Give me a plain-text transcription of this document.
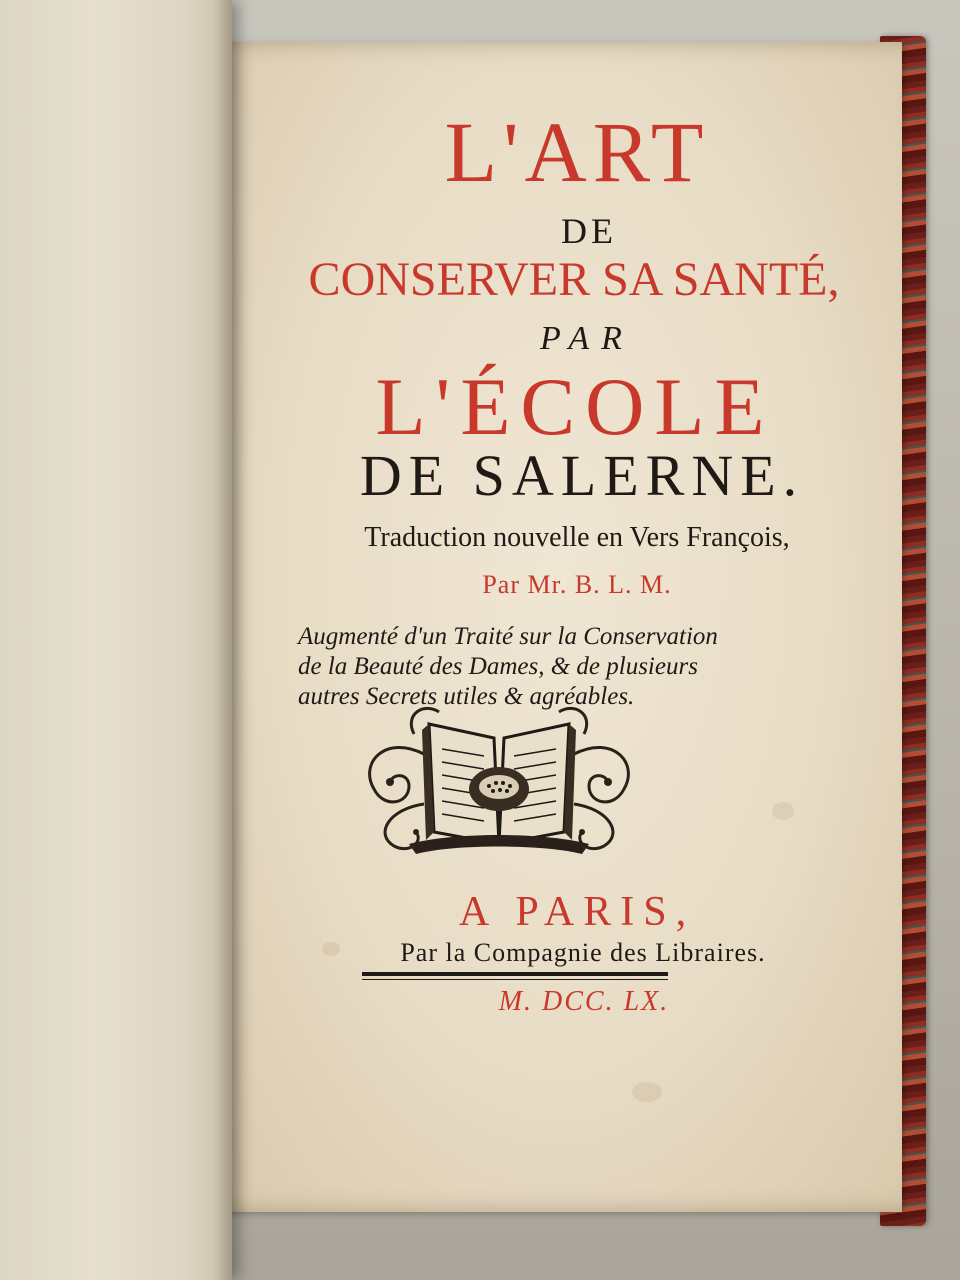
L'ART
DE
CONSERVER SA SANTÉ,
PAR
L'ÉCOLE
DE SALERNE.
Traduction nouvelle en Vers François,
Par Mr. B. L. M.
Augmenté d'un Traité sur la Conservation
de la Beauté des Dames, & de plusieurs
autres Secrets utiles & agréables.
A PARIS,
Par la Compagnie des Libraires.
M. DCC. LX.
